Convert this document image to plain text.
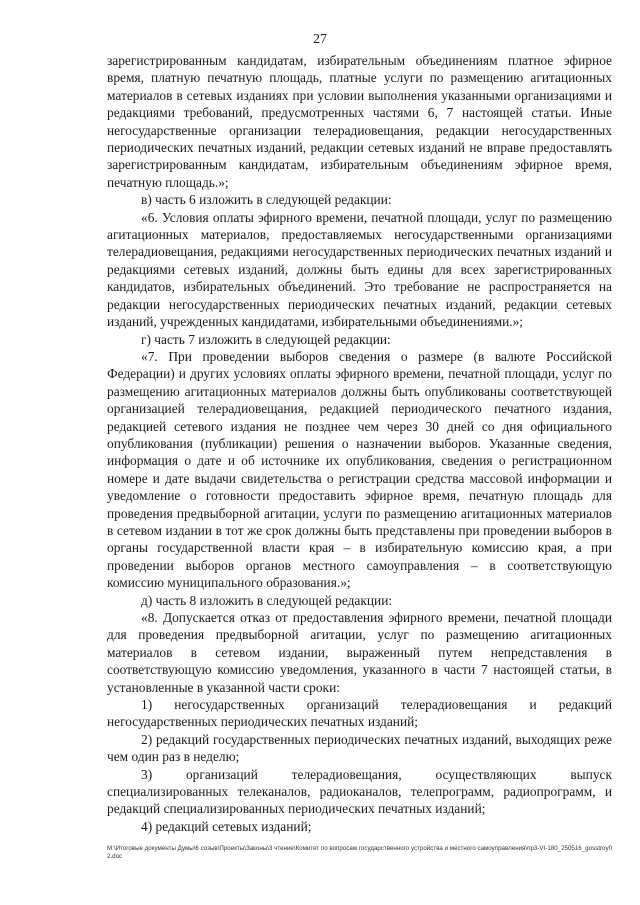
27

зарегистрированным кандидатам, избирательным объединениям платное эфирное время, платную печатную площадь, платные услуги по размещению агитационных материалов в сетевых изданиях при условии выполнения указанными организациями и редакциями требований, предусмотренных частями 6, 7 настоящей статьи. Иные негосударственные организации телерадиовещания, редакции негосударственных периодических печатных изданий, редакции сетевых изданий не вправе предоставлять зарегистрированным кандидатам, избирательным объединениям эфирное время, печатную площадь.»;

в) часть 6 изложить в следующей редакции:

«6. Условия оплаты эфирного времени, печатной площади, услуг по размещению агитационных материалов, предоставляемых негосударственными организациями телерадиовещания, редакциями негосударственных периодических печатных изданий и редакциями сетевых изданий, должны быть едины для всех зарегистрированных кандидатов, избирательных объединений. Это требование не распространяется на редакции негосударственных периодических печатных изданий, редакции сетевых изданий, учрежденных кандидатами, избирательными объединениями.»;

г) часть 7 изложить в следующей редакции:

«7. При проведении выборов сведения о размере (в валюте Российской Федерации) и других условиях оплаты эфирного времени, печатной площади, услуг по размещению агитационных материалов должны быть опубликованы соответствующей организацией телерадиовещания, редакцией периодического печатного издания, редакцией сетевого издания не позднее чем через 30 дней со дня официального опубликования (публикации) решения о назначении выборов. Указанные сведения, информация о дате и об источнике их опубликования, сведения о регистрационном номере и дате выдачи свидетельства о регистрации средства массовой информации и уведомление о готовности предоставить эфирное время, печатную площадь для проведения предвыборной агитации, услуги по размещению агитационных материалов в сетевом издании в тот же срок должны быть представлены при проведении выборов в органы государственной власти края – в избирательную комиссию края, а при проведении выборов органов местного самоуправления – в соответствующую комиссию муниципального образования.»;

д) часть 8 изложить в следующей редакции:

«8. Допускается отказ от предоставления эфирного времени, печатной площади для проведения предвыборной агитации, услуг по размещению агитационных материалов в сетевом издании, выраженный путем непредставления в соответствующую комиссию уведомления, указанного в части 7 настоящей статьи, в установленные в указанной части сроки:

1) негосударственных организаций телерадиовещания и редакций негосударственных периодических печатных изданий;

2) редакций государственных периодических печатных изданий, выходящих реже чем один раз в неделю;

3) организаций телерадиовещания, осуществляющих выпуск специализированных телеканалов, радиоканалов, телепрограмм, радиопрограмм, и редакций специализированных периодических печатных изданий;

4) редакций сетевых изданий;

M:\Итоговые документы Думы\6 созыв\Проекты\Законы\3 чтение\Комитет по вопросам государственного устройства и местного самоуправления\пр3-VI-180_250516_gosstroy02.doc
